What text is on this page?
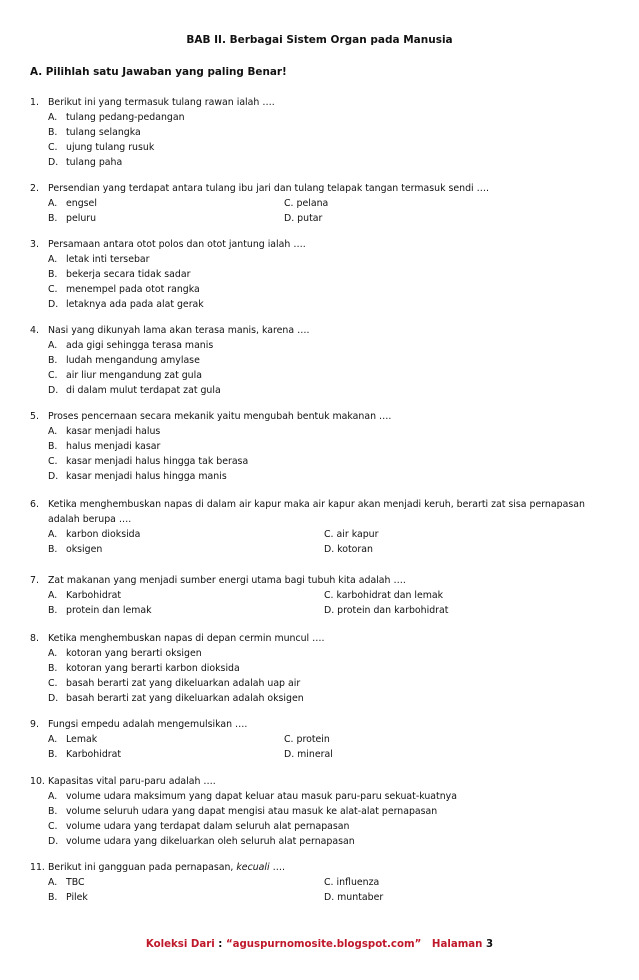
BAB II. Berbagai Sistem Organ pada Manusia
A. Pilihlah satu Jawaban yang paling Benar!
1. Berikut ini yang termasuk tulang rawan ialah ….
A. tulang pedang-pedangan
B. tulang selangka
C. ujung tulang rusuk
D. tulang paha
2. Persendian yang terdapat antara tulang ibu jari dan tulang telapak tangan termasuk sendi ….
A. engsel	C. pelana
B. peluru	D. putar
3. Persamaan antara otot polos dan otot jantung ialah ….
A. letak inti tersebar
B. bekerja secara tidak sadar
C. menempel pada otot rangka
D. letaknya ada pada alat gerak
4. Nasi yang dikunyah lama akan terasa manis, karena ….
A. ada gigi sehingga terasa manis
B. ludah mengandung amylase
C. air liur mengandung zat gula
D. di dalam mulut terdapat zat gula
5. Proses pencernaan secara mekanik yaitu mengubah bentuk makanan ….
A. kasar menjadi halus
B. halus menjadi kasar
C. kasar menjadi halus hingga tak berasa
D. kasar menjadi halus hingga manis
6. Ketika menghembuskan napas di dalam air kapur maka air kapur akan menjadi keruh, berarti zat sisa pernapasan
adalah berupa ….
A. karbon dioksida	C. air kapur
B. oksigen	D. kotoran
7. Zat makanan yang menjadi sumber energi utama bagi tubuh kita adalah ….
A. Karbohidrat	C. karbohidrat dan lemak
B. protein dan lemak	D. protein dan karbohidrat
8. Ketika menghembuskan napas di depan cermin muncul ….
A. kotoran yang berarti oksigen
B. kotoran yang berarti karbon dioksida
C. basah berarti zat yang dikeluarkan adalah uap air
D. basah berarti zat yang dikeluarkan adalah oksigen
9. Fungsi empedu adalah mengemulsikan ….
A. Lemak	C. protein
B. Karbohidrat	D. mineral
10. Kapasitas vital paru-paru adalah ….
A. volume udara maksimum yang dapat keluar atau masuk paru-paru sekuat-kuatnya
B. volume seluruh udara yang dapat mengisi atau masuk ke alat-alat pernapasan
C. volume udara yang terdapat dalam seluruh alat pernapasan
D. volume udara yang dikeluarkan oleh seluruh alat pernapasan
11. Berikut ini gangguan pada pernapasan, kecuali ….
A. TBC	C. influenza
B. Pilek	D. muntaber
Koleksi Dari : “aguspurnomosite.blogspot.com” Halaman 3
